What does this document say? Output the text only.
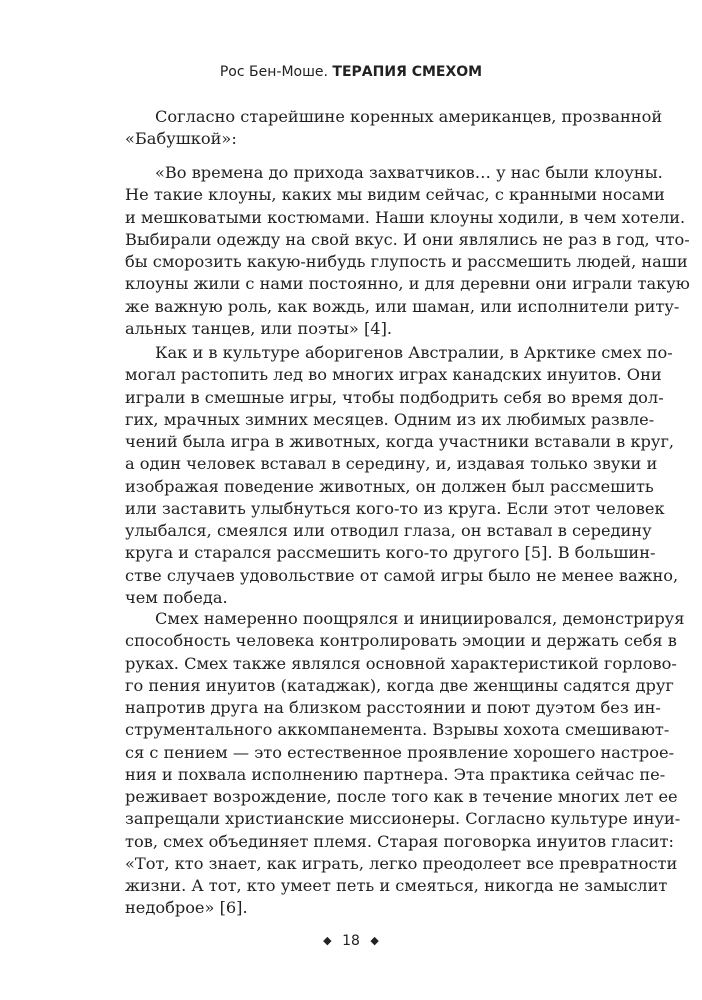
Рос Бен-Моше. ТЕРАПИЯ СМЕХОМ
Согласно старейшине коренных американцев, прозванной
«Бабушкой»:
«Во времена до прихода захватчиков… у нас были клоуны.
Не такие клоуны, каких мы видим сейчас, с кранными носами
и мешковатыми костюмами. Наши клоуны ходили, в чем хотели.
Выбирали одежду на свой вкус. И они являлись не раз в год, что-
бы сморозить какую-нибудь глупость и рассмешить людей, наши
клоуны жили с нами постоянно, и для деревни они играли такую
же важную роль, как вождь, или шаман, или исполнители риту-
альных танцев, или поэты» [4].
Как и в культуре аборигенов Австралии, в Арктике смех по-
могал растопить лед во многих играх канадских инуитов. Они
играли в смешные игры, чтобы подбодрить себя во время дол-
гих, мрачных зимних месяцев. Одним из их любимых развле-
чений была игра в животных, когда участники вставали в круг,
а один человек вставал в середину, и, издавая только звуки и
изображая поведение животных, он должен был рассмешить
или заставить улыбнуться кого-то из круга. Если этот человек
улыбался, смеялся или отводил глаза, он вставал в середину
круга и старался рассмешить кого-то другого [5]. В большин-
стве случаев удовольствие от самой игры было не менее важно,
чем победа.
Смех намеренно поощрялся и инициировался, демонстрируя
способность человека контролировать эмоции и держать себя в
руках. Смех также являлся основной характеристикой горлово-
го пения инуитов (катаджак), когда две женщины садятся друг
напротив друга на близком расстоянии и поют дуэтом без ин-
струментального аккомпанемента. Взрывы хохота смешивают-
ся с пением — это естественное проявление хорошего настрое-
ния и похвала исполнению партнера. Эта практика сейчас пе-
реживает возрождение, после того как в течение многих лет ее
запрещали христианские миссионеры. Согласно культуре инуи-
тов, смех объединяет племя. Старая поговорка инуитов гласит:
«Тот, кто знает, как играть, легко преодолеет все превратности
жизни. А тот, кто умеет петь и смеяться, никогда не замыслит
недоброе» [6].
◆ 18 ◆
